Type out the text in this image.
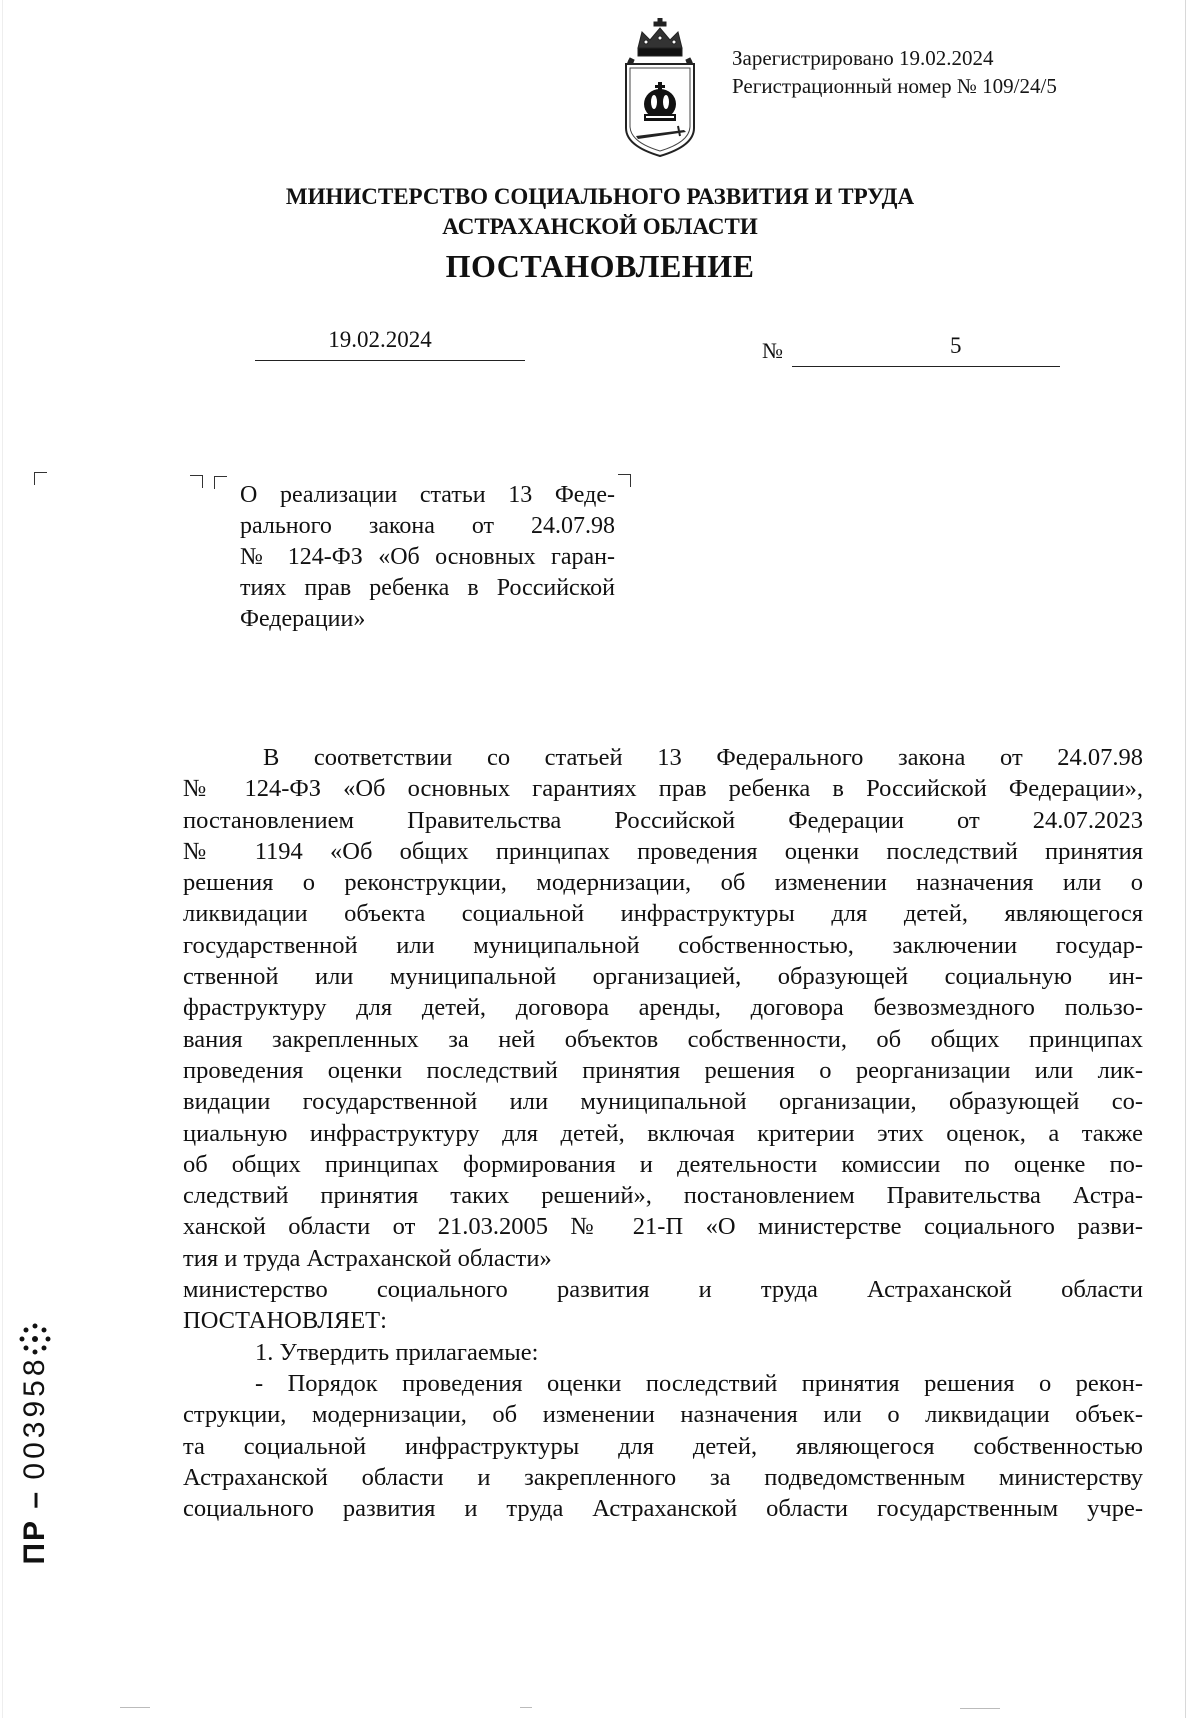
Зарегистрировано 19.02.2024
Регистрационный номер № 109/24/5
МИНИСТЕРСТВО СОЦИАЛЬНОГО РАЗВИТИЯ И ТРУДА
АСТРАХАНСКОЙ ОБЛАСТИ
ПОСТАНОВЛЕНИЕ
19.02.2024	№	5
О реализации статьи 13 Феде-
рального закона от 24.07.98
№ 124-ФЗ «Об основных гаран-
тиях прав ребенка в Российской
Федерации»
В соответствии со статьей 13 Федерального закона от 24.07.98
№ 124-ФЗ «Об основных гарантиях прав ребенка в Российской Федерации»,
постановлением Правительства Российской Федерации от 24.07.2023
№ 1194 «Об общих принципах проведения оценки последствий принятия
решения о реконструкции, модернизации, об изменении назначения или о
ликвидации объекта социальной инфраструктуры для детей, являющегося
государственной или муниципальной собственностью, заключении государ-
ственной или муниципальной организацией, образующей социальную ин-
фраструктуру для детей, договора аренды, договора безвозмездного пользо-
вания закрепленных за ней объектов собственности, об общих принципах
проведения оценки последствий принятия решения о реорганизации или лик-
видации государственной или муниципальной организации, образующей со-
циальную инфраструктуру для детей, включая критерии этих оценок, а также
об общих принципах формирования и деятельности комиссии по оценке по-
следствий принятия таких решений», постановлением Правительства Астра-
ханской области от 21.03.2005 № 21-П «О министерстве социального разви-
тия и труда Астраханской области»
министерство социального развития и труда Астраханской области
ПОСТАНОВЛЯЕТ:
1. Утвердить прилагаемые:
- Порядок проведения оценки последствий принятия решения о рекон-
струкции, модернизации, об изменении назначения или о ликвидации объек-
та социальной инфраструктуры для детей, являющегося собственностью
Астраханской области и закрепленного за подведомственным министерству
социального развития и труда Астраханской области государственным учре-
ПР – 003958
